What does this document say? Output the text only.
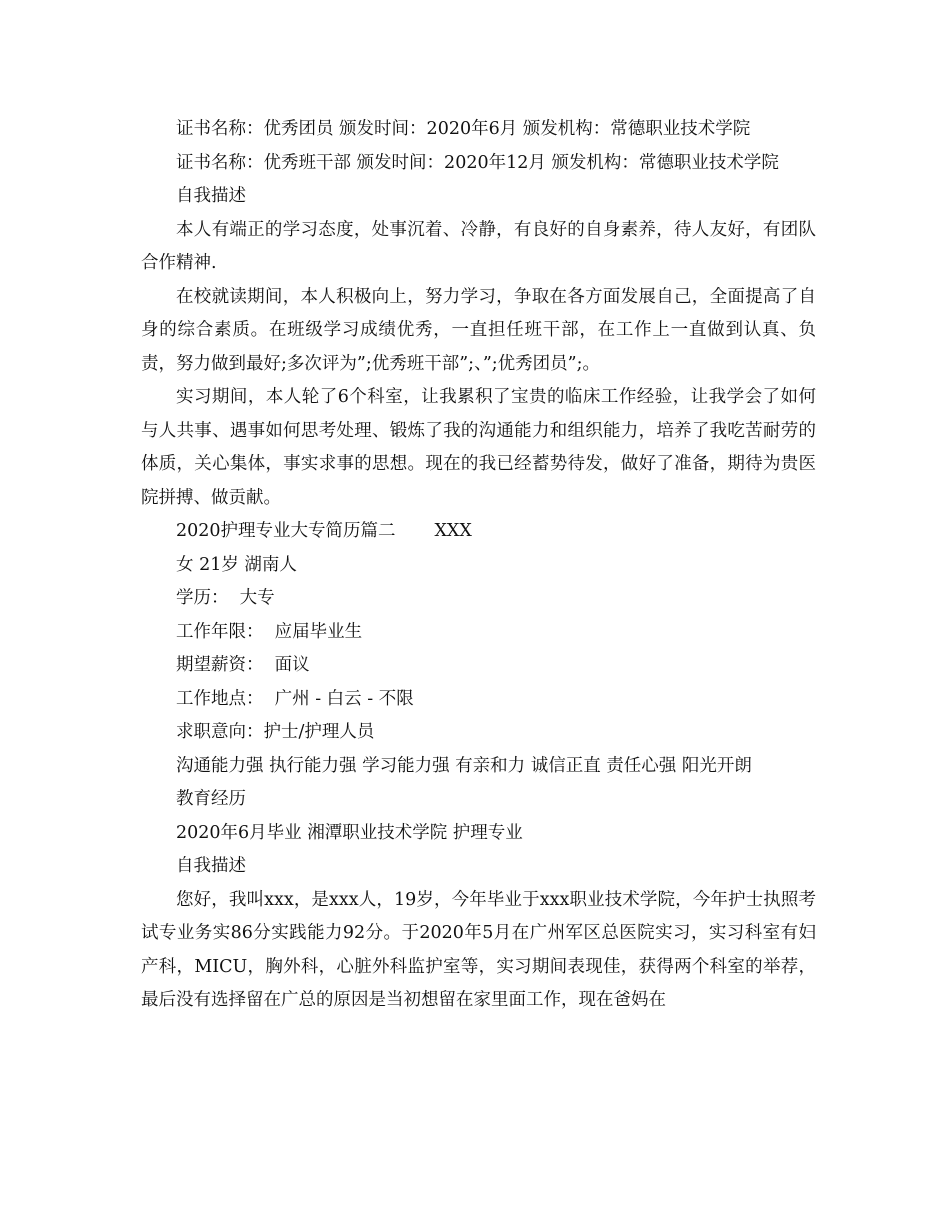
证书名称：优秀团员 颁发时间：2020年6月 颁发机构：常德职业技术学院

证书名称：优秀班干部 颁发时间：2020年12月 颁发机构：常德职业技术学院

自我描述

本人有端正的学习态度，处事沉着、冷静，有良好的自身素养，待人友好，有团队合作精神.

在校就读期间，本人积极向上，努力学习，争取在各方面发展自己，全面提高了自身的综合素质。在班级学习成绩优秀，一直担任班干部，在工作上一直做到认真、负责，努力做到最好;多次评为”;优秀班干部”;、”;优秀团员”;。

实习期间，本人轮了6个科室，让我累积了宝贵的临床工作经验，让我学会了如何与人共事、遇事如何思考处理、锻炼了我的沟通能力和组织能力，培养了我吃苦耐劳的体质，关心集体，事实求事的思想。现在的我已经蓄势待发，做好了准备，期待为贵医院拼搏、做贡献。

2020护理专业大专简历篇二       XXX

女 21岁 湖南人

学历：  大专

工作年限：  应届毕业生

期望薪资：  面议

工作地点：  广州 - 白云 - 不限

求职意向：护士/护理人员

沟通能力强 执行能力强 学习能力强 有亲和力 诚信正直 责任心强 阳光开朗

教育经历

2020年6月毕业 湘潭职业技术学院 护理专业

自我描述

您好，我叫xxx，是xxx人，19岁，今年毕业于xxx职业技术学院，今年护士执照考试专业务实86分实践能力92分。于2020年5月在广州军区总医院实习，实习科室有妇产科，MICU，胸外科，心脏外科监护室等，实习期间表现佳，获得两个科室的举荐，最后没有选择留在广总的原因是当初想留在家里面工作，现在爸妈在
